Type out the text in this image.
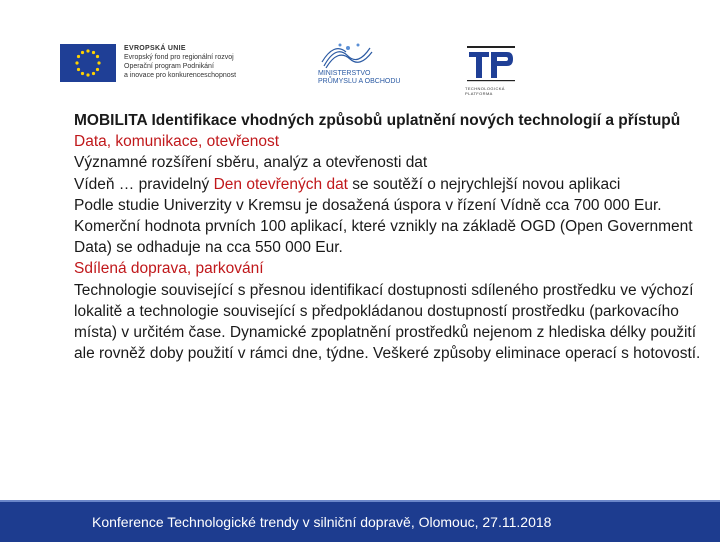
EVROPSKÁ UNIE
Evropský fond pro regionální rozvoj
Operační program Podnikání
a inovace pro konkurenceschopnost	MINISTERSTVO
PRŮMYSLU A OBCHODU
TECHNOLOGICKÁ PLATFORMA

MOBILITA Identifikace vhodných způsobů uplatnění nových technologií a přístupů

Data, komunikace, otevřenost

Významné rozšíření sběru, analýz a otevřenosti dat

Vídeň … pravidelný Den otevřených dat se soutěží o nejrychlejší novou aplikaci

Podle studie Univerzity v Kremsu je dosažená úspora v řízení Vídně cca 700 000 Eur. Komerční hodnota prvních 100 aplikací, které vznikly na základě OGD (Open Government Data) se odhaduje na cca 550 000 Eur.

Sdílená doprava, parkování

Technologie související s přesnou identifikací dostupnosti sdíleného prostředku ve výchozí lokalitě a technologie související s předpokládanou dostupností prostředku (parkovacího místa) v určitém čase. Dynamické zpoplatnění prostředků nejenom z hlediska délky použití ale rovněž doby použití v rámci dne, týdne. Veškeré způsoby eliminace operací s hotovostí.

Konference Technologické trendy v silniční dopravě, Olomouc, 27.11.2018
